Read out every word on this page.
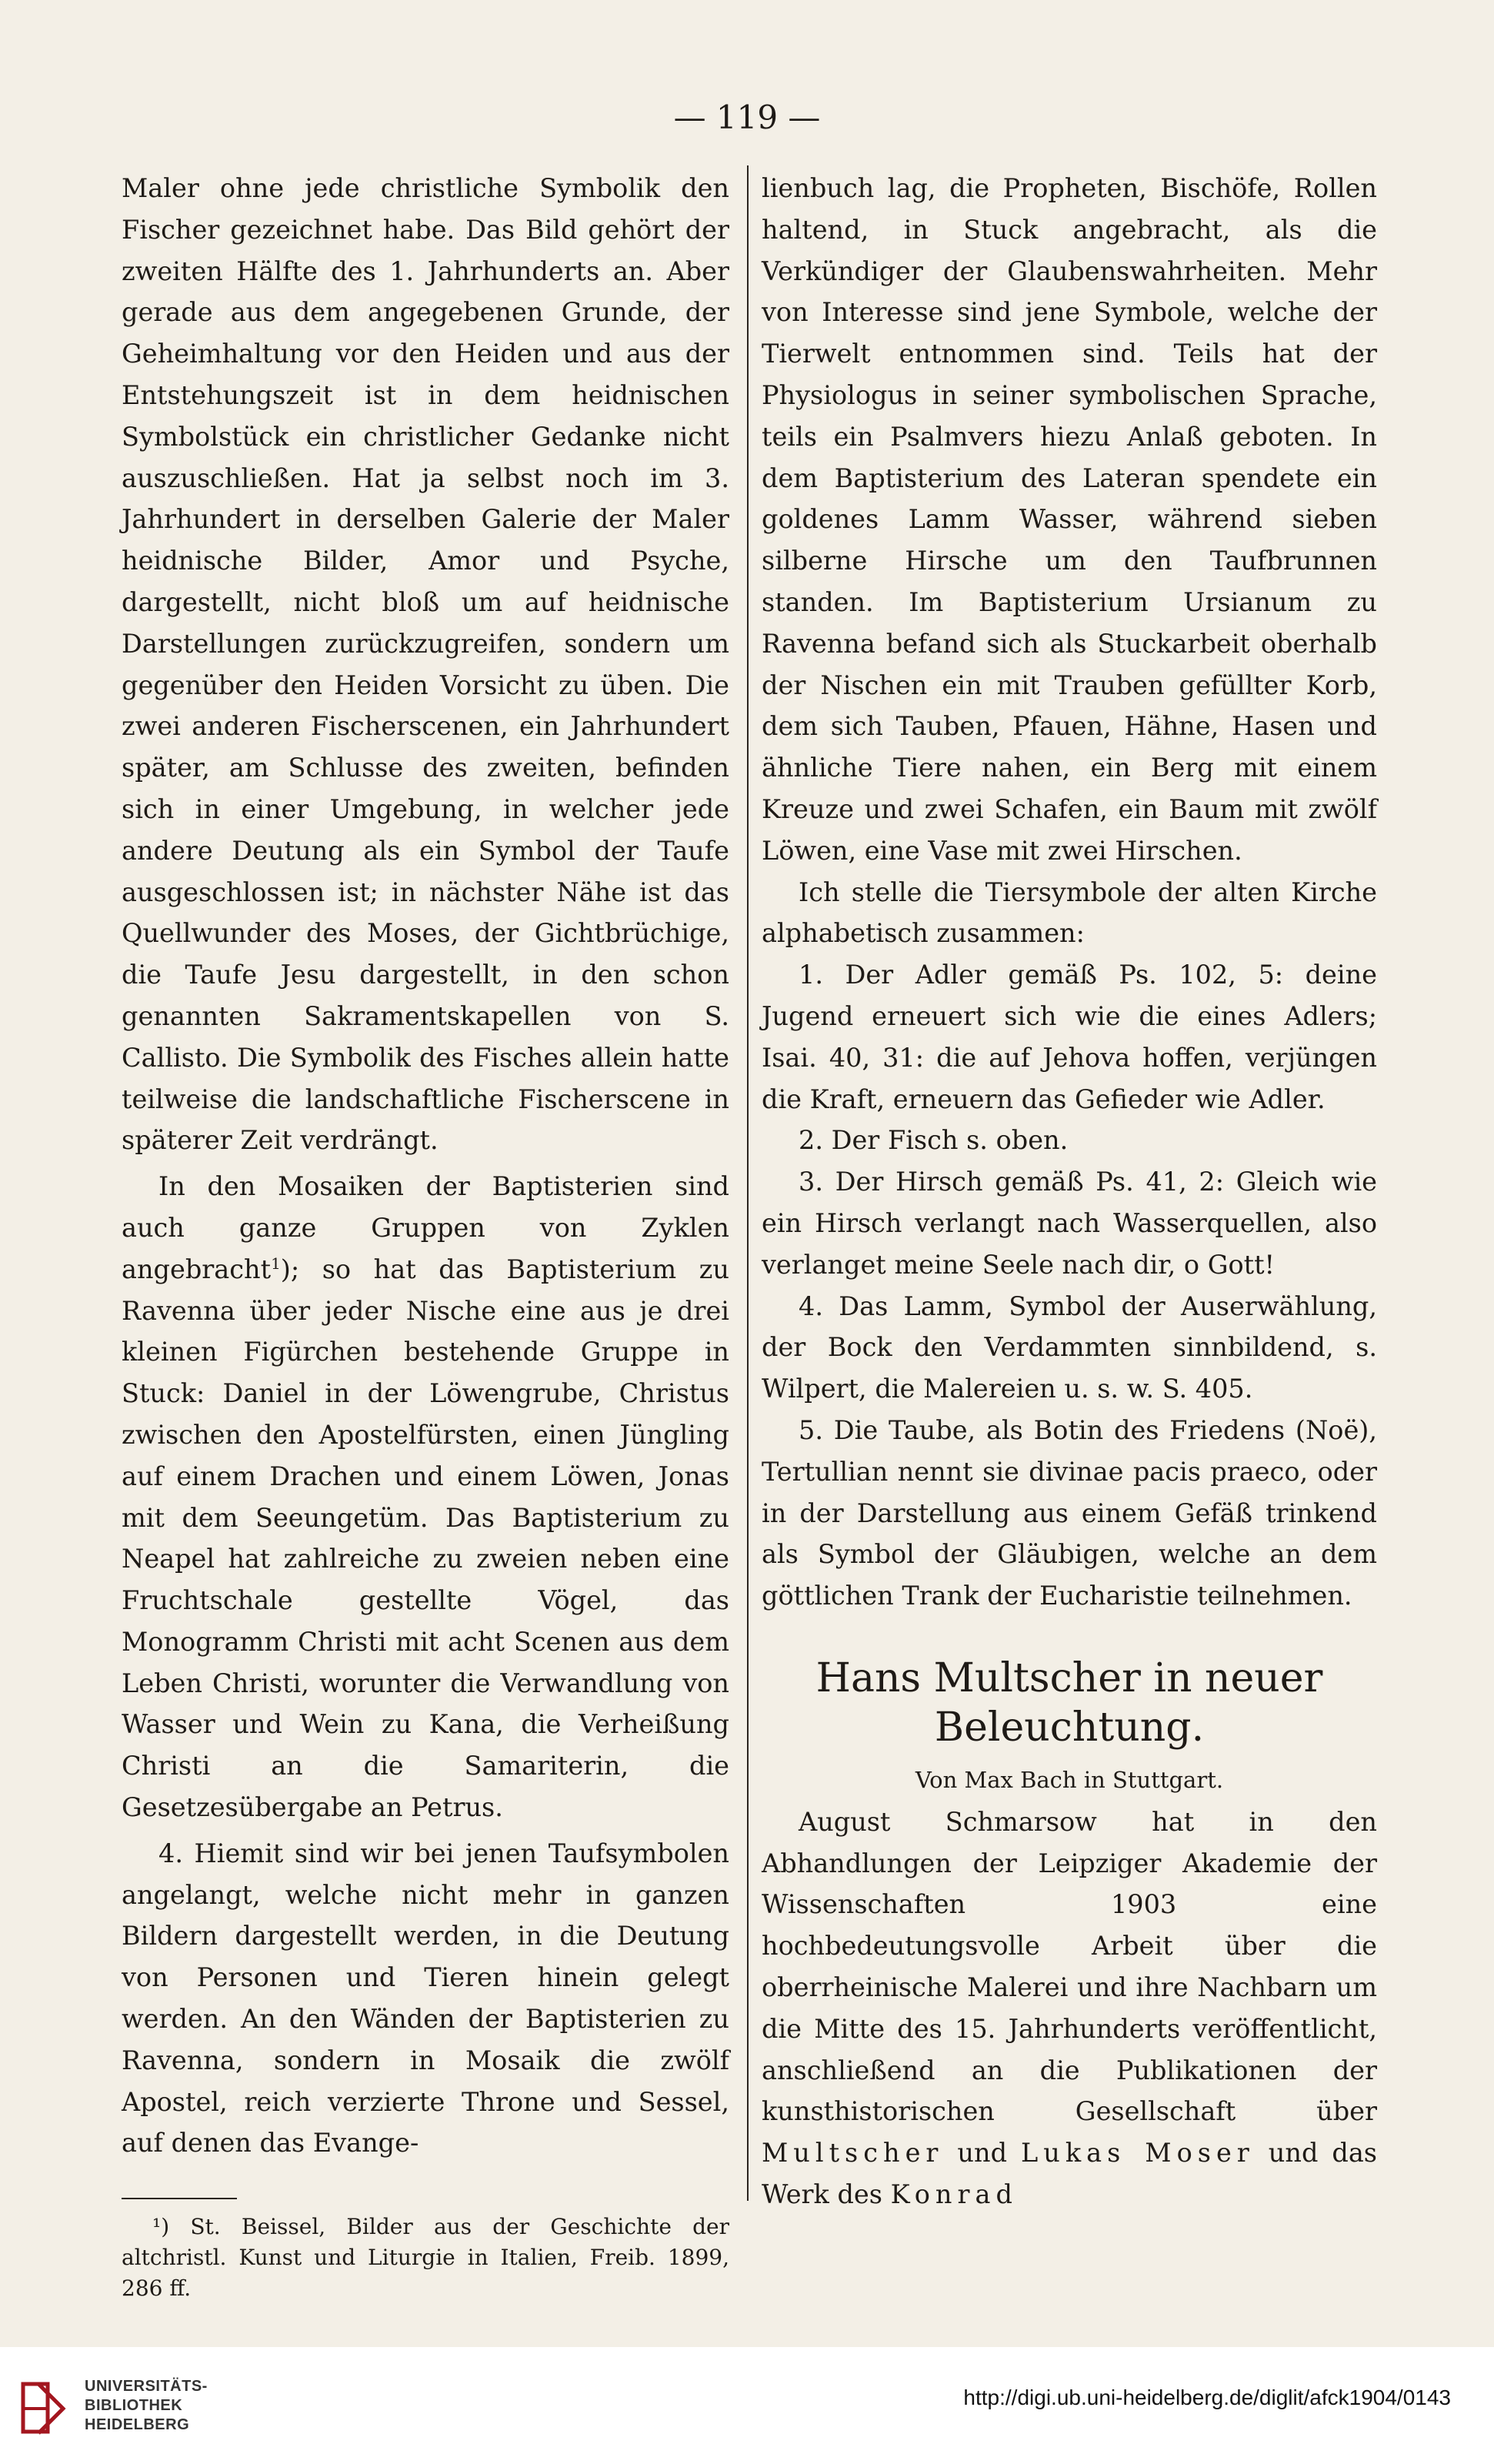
— 119 —

Maler ohne jede christliche Symbolik den Fischer gezeichnet habe. Das Bild gehört der zweiten Hälfte des 1. Jahrhunderts an. Aber gerade aus dem angegebenen Grunde, der Geheimhaltung vor den Heiden und aus der Entstehungszeit ist in dem heidnischen Symbolstück ein christlicher Gedanke nicht auszuschließen. Hat ja selbst noch im 3. Jahrhundert in derselben Galerie der Maler heidnische Bilder, Amor und Psyche, dargestellt, nicht bloß um auf heidnische Darstellungen zurückzugreifen, sondern um gegenüber den Heiden Vorsicht zu üben. Die zwei anderen Fischerscenen, ein Jahrhundert später, am Schlusse des zweiten, befinden sich in einer Umgebung, in welcher jede andere Deutung als ein Symbol der Taufe ausgeschlossen ist; in nächster Nähe ist das Quellwunder des Moses, der Gichtbrüchige, die Taufe Jesu dargestellt, in den schon genannten Sakramentskapellen von S. Callisto. Die Symbolik des Fisches allein hatte teilweise die landschaftliche Fischerscene in späterer Zeit verdrängt.

In den Mosaiken der Baptisterien sind auch ganze Gruppen von Zyklen angebracht$^1$); so hat das Baptisterium zu Ravenna über jeder Nische eine aus je drei kleinen Figürchen bestehende Gruppe in Stuck: Daniel in der Löwengrube, Christus zwischen den Apostelfürsten, einen Jüngling auf einem Drachen und einem Löwen, Jonas mit dem Seeungetüm. Das Baptisterium zu Neapel hat zahlreiche zu zweien neben eine Fruchtschale gestellte Vögel, das Monogramm Christi mit acht Scenen aus dem Leben Christi, worunter die Verwandlung von Wasser und Wein zu Kana, die Verheißung Christi an die Samariterin, die Gesetzesübergabe an Petrus.

4. Hiemit sind wir bei jenen Taufsymbolen angelangt, welche nicht mehr in ganzen Bildern dargestellt werden, in die Deutung von Personen und Tieren hinein gelegt werden. An den Wänden der Baptisterien zu Ravenna, sondern in Mosaik die zwölf Apostel, reich verzierte Throne und Sessel, auf denen das Evange-

¹) St. Beissel, Bilder aus der Geschichte der altchristl. Kunst und Liturgie in Italien, Freib. 1899, 286 ff.

lienbuch lag, die Propheten, Bischöfe, Rollen haltend, in Stuck angebracht, als die Verkündiger der Glaubenswahrheiten. Mehr von Interesse sind jene Symbole, welche der Tierwelt entnommen sind. Teils hat der Physiologus in seiner symbolischen Sprache, teils ein Psalmvers hiezu Anlaß geboten. In dem Baptisterium des Lateran spendete ein goldenes Lamm Wasser, während sieben silberne Hirsche um den Taufbrunnen standen. Im Baptisterium Ursianum zu Ravenna befand sich als Stuckarbeit oberhalb der Nischen ein mit Trauben gefüllter Korb, dem sich Tauben, Pfauen, Hähne, Hasen und ähnliche Tiere nahen, ein Berg mit einem Kreuze und zwei Schafen, ein Baum mit zwölf Löwen, eine Vase mit zwei Hirschen.

Ich stelle die Tiersymbole der alten Kirche alphabetisch zusammen:

1. Der Adler gemäß Ps. 102, 5: deine Jugend erneuert sich wie die eines Adlers; Isai. 40, 31: die auf Jehova hoffen, verjüngen die Kraft, erneuern das Gefieder wie Adler.

2. Der Fisch s. oben.

3. Der Hirsch gemäß Ps. 41, 2: Gleich wie ein Hirsch verlangt nach Wasserquellen, also verlanget meine Seele nach dir, o Gott!

4. Das Lamm, Symbol der Auserwählung, der Bock den Verdammten sinnbildend, s. Wilpert, die Malereien u. s. w. S. 405.

5. Die Taube, als Botin des Friedens (Noë), Tertullian nennt sie divinae pacis praeco, oder in der Darstellung aus einem Gefäß trinkend als Symbol der Gläubigen, welche an dem göttlichen Trank der Eucharistie teilnehmen.

Hans Multscher in neuer Beleuchtung.

Von Max Bach in Stuttgart.

August Schmarsow hat in den Abhandlungen der Leipziger Akademie der Wissenschaften 1903 eine hochbedeutungsvolle Arbeit über die oberrheinische Malerei und ihre Nachbarn um die Mitte des 15. Jahrhunderts veröffentlicht, anschließend an die Publikationen der kunsthistorischen Gesellschaft über Multscher und Lukas Moser und das Werk des Konrad

UNIVERSITÄTS-
BIBLIOTHEK
HEIDELBERG
http://digi.ub.uni-heidelberg.de/diglit/afck1904/0143
